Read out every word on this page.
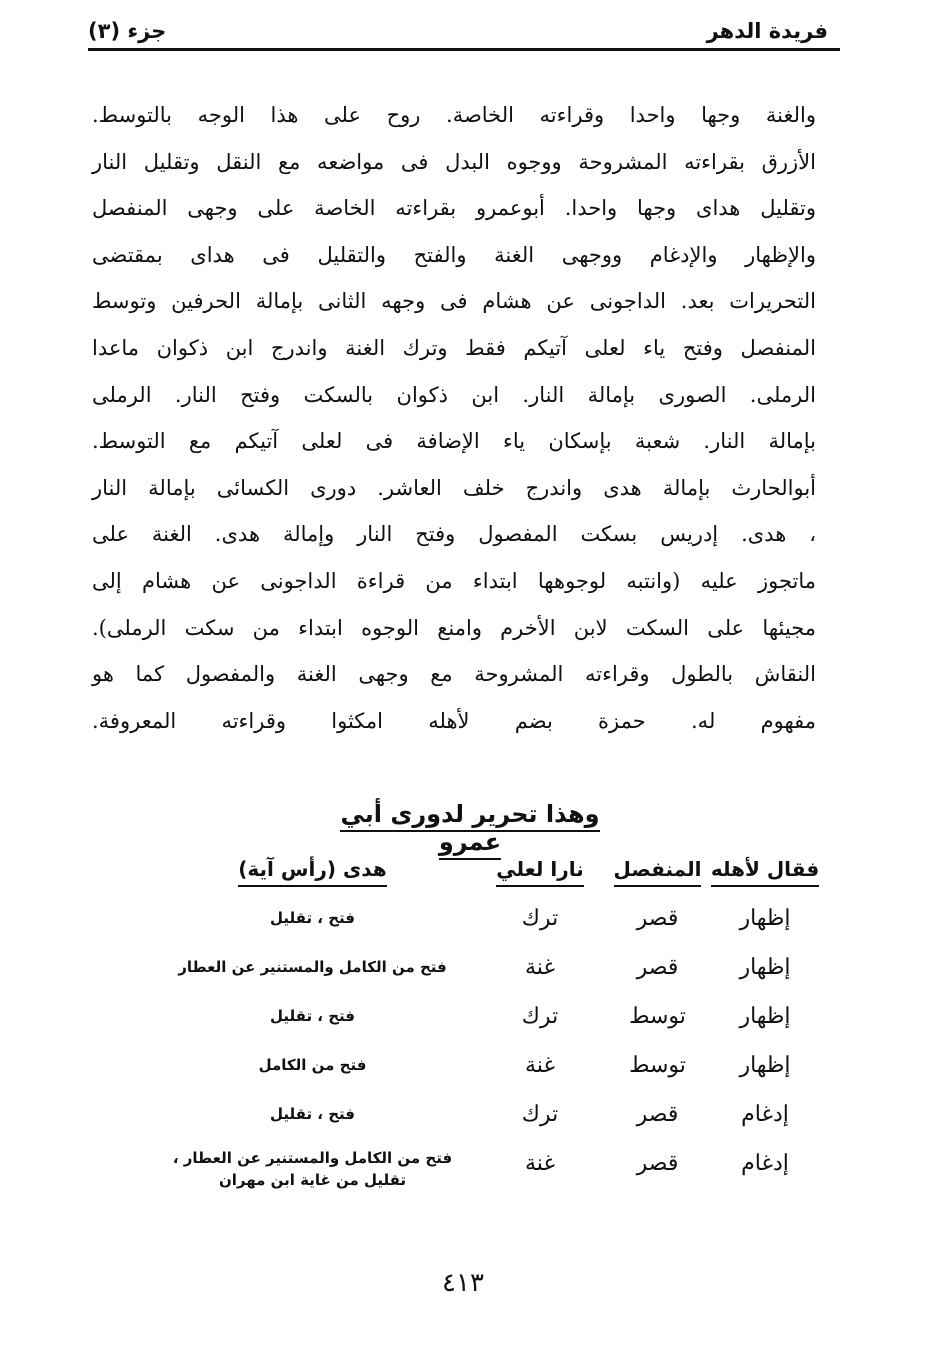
فريدة الدهر
جزء (٣)
والغنة وجها واحدا وقراءته الخاصة. روح على هذا الوجه بالتوسط.
الأزرق بقراءته المشروحة ووجوه البدل فى مواضعه مع النقل وتقليل النار
وتقليل هداى وجها واحدا. أبوعمرو بقراءته الخاصة على وجهى المنفصل
والإظهار والإدغام ووجهى الغنة والفتح والتقليل فى هداى بمقتضى
التحريرات بعد. الداجونى عن هشام فى وجهه الثانى بإمالة الحرفين وتوسط
المنفصل وفتح ياء لعلى آتيكم فقط وترك الغنة واندرج ابن ذكوان ماعدا
الرملى. الصورى بإمالة النار. ابن ذكوان بالسكت وفتح النار. الرملى
بإمالة النار. شعبة بإسكان ياء الإضافة فى لعلى آتيكم مع التوسط.
أبوالحارث بإمالة هدى واندرج خلف العاشر. دورى الكسائى بإمالة النار
، هدى. إدريس بسكت المفصول وفتح النار وإمالة هدى. الغنة على
ماتجوز عليه (وانتبه لوجوهها ابتداء من قراءة الداجونى عن هشام إلى
مجيئها على السكت لابن الأخرم وامنع الوجوه ابتداء من سكت الرملى).
النقاش بالطول وقراءته المشروحة مع وجهى الغنة والمفصول كما هو
مفهوم له. حمزة بضم لأهله امكثوا وقراءته المعروفة.
وهذا تحرير لدورى أبي عمرو
فقال لأهله
المنفصل
نارا لعلي
هدى (رأس آية)
إظهار
قصر
ترك
فتح ، تقليل
إظهار
قصر
غنة
فتح من الكامل والمستنير عن العطار
إظهار
توسط
ترك
فتح ، تقليل
إظهار
توسط
غنة
فتح من الكامل
إدغام
قصر
ترك
فتح ، تقليل
إدغام
قصر
غنة
فتح من الكامل والمستنير عن العطار ، تقليل من غاية ابن مهران
٤١٣
